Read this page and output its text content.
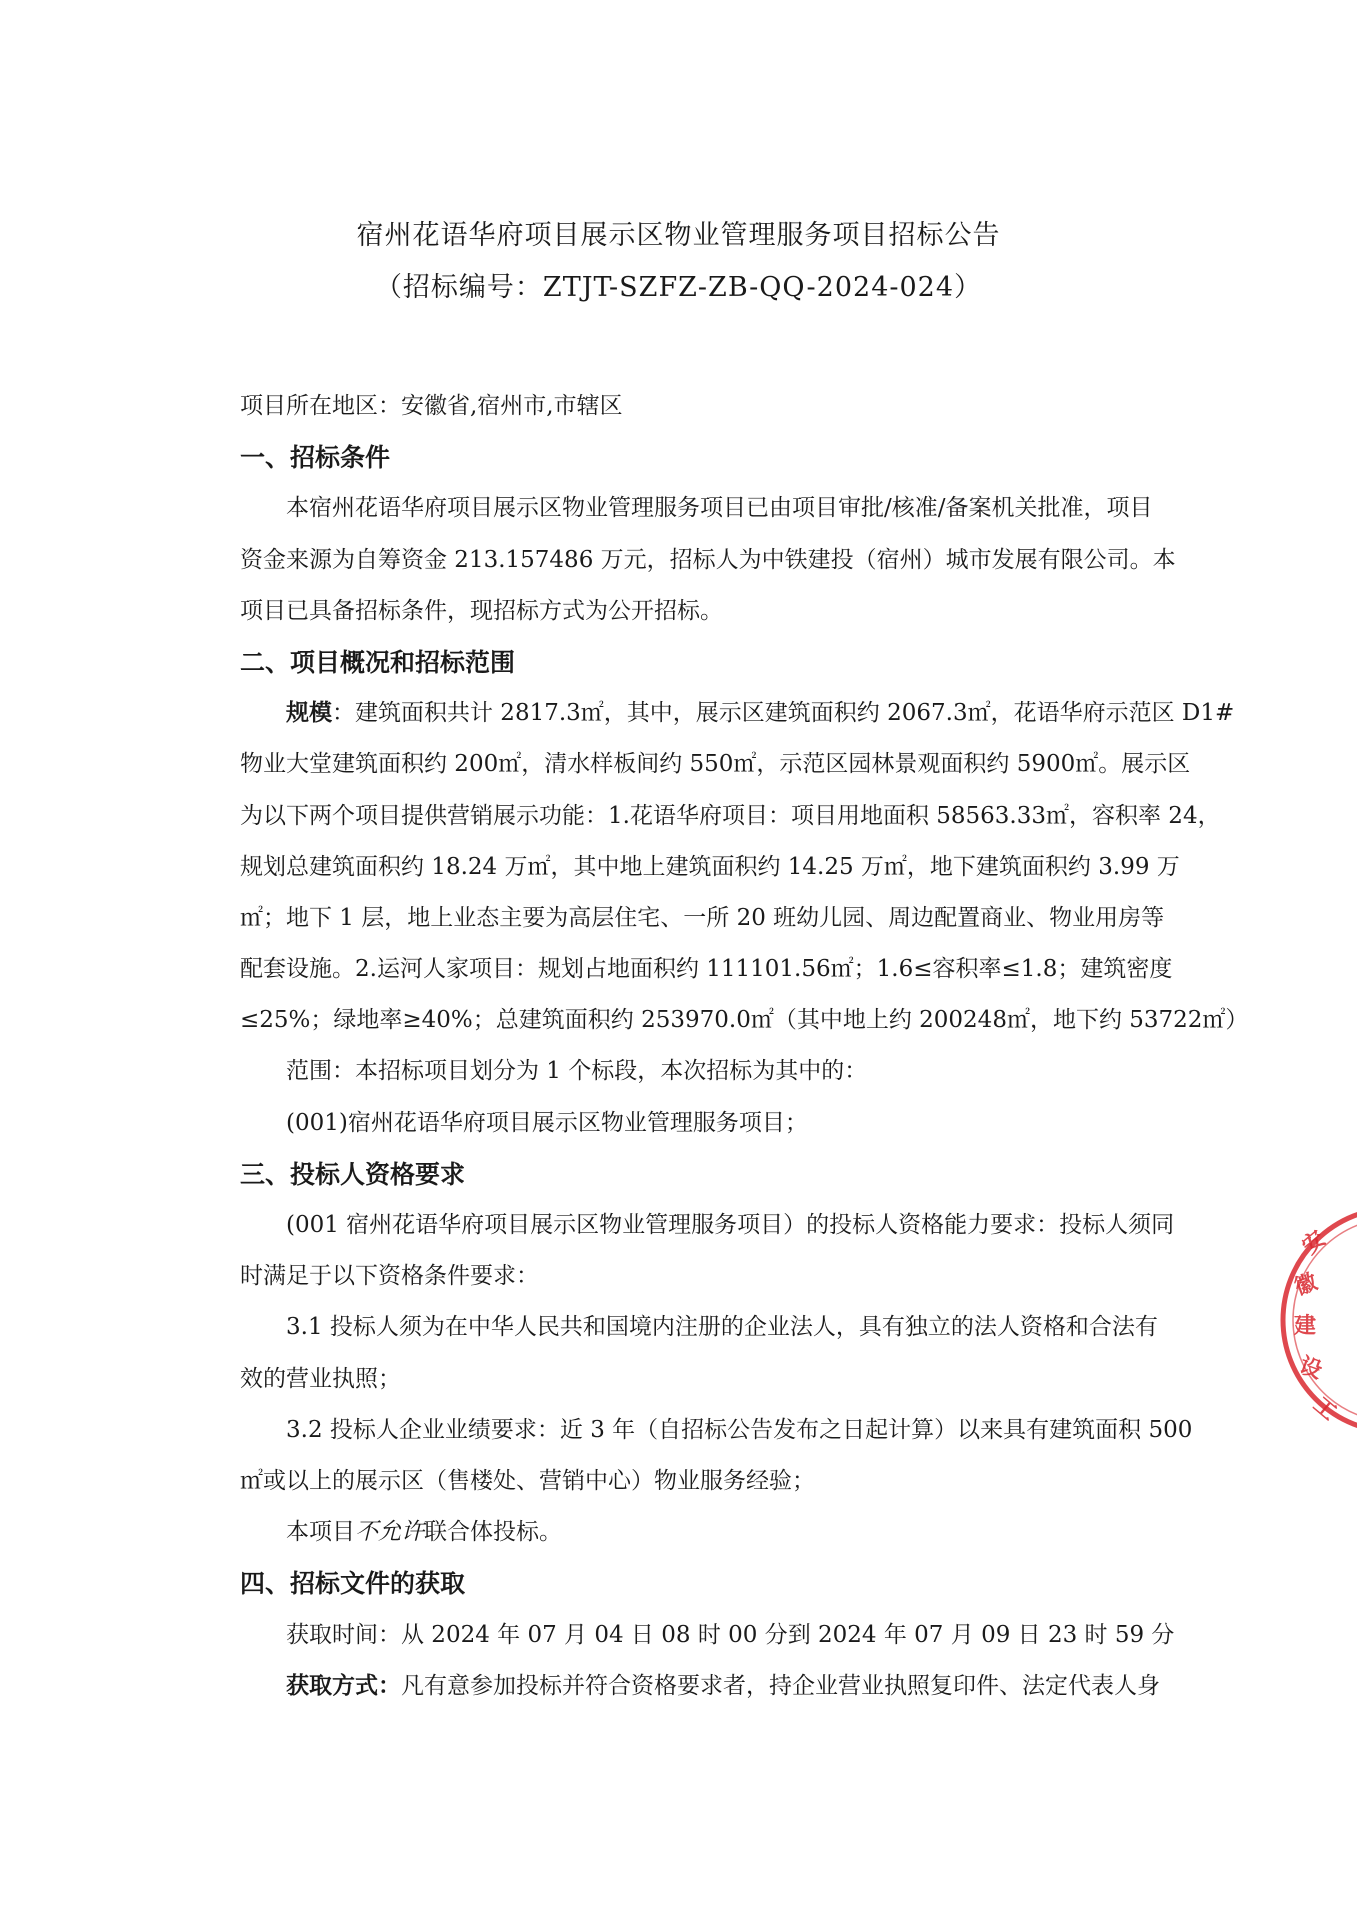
宿州花语华府项目展示区物业管理服务项目招标公告
（招标编号：ZTJT-SZFZ-ZB-QQ-2024-024）
项目所在地区：安徽省,宿州市,市辖区
一、招标条件
本宿州花语华府项目展示区物业管理服务项目已由项目审批/核准/备案机关批准，项目
资金来源为自筹资金 213.157486 万元，招标人为中铁建投（宿州）城市发展有限公司。本
项目已具备招标条件，现招标方式为公开招标。
二、项目概况和招标范围
规模：建筑面积共计 2817.3㎡，其中，展示区建筑面积约 2067.3㎡，花语华府示范区 D1#
物业大堂建筑面积约 200㎡，清水样板间约 550㎡，示范区园林景观面积约 5900㎡。展示区
为以下两个项目提供营销展示功能：1.花语华府项目：项目用地面积 58563.33㎡，容积率 24，
规划总建筑面积约 18.24 万㎡，其中地上建筑面积约 14.25 万㎡，地下建筑面积约 3.99 万
㎡；地下 1 层，地上业态主要为高层住宅、一所 20 班幼儿园、周边配置商业、物业用房等
配套设施。2.运河人家项目：规划占地面积约 111101.56㎡；1.6≤容积率≤1.8；建筑密度
≤25%；绿地率≥40%；总建筑面积约 253970.0㎡（其中地上约 200248㎡，地下约 53722㎡）
范围：本招标项目划分为 1 个标段，本次招标为其中的：
(001)宿州花语华府项目展示区物业管理服务项目；
三、投标人资格要求
(001 宿州花语华府项目展示区物业管理服务项目）的投标人资格能力要求：投标人须同
时满足于以下资格条件要求：
3.1 投标人须为在中华人民共和国境内注册的企业法人，具有独立的法人资格和合法有
效的营业执照；
3.2 投标人企业业绩要求：近 3 年（自招标公告发布之日起计算）以来具有建筑面积 500
㎡或以上的展示区（售楼处、营销中心）物业服务经验；
本项目不允许联合体投标。
四、招标文件的获取
获取时间：从 2024 年 07 月 04 日 08 时 00 分到 2024 年 07 月 09 日 23 时 59 分
获取方式：凡有意参加投标并符合资格要求者，持企业营业执照复印件、法定代表人身
安
徽
建
设
工
